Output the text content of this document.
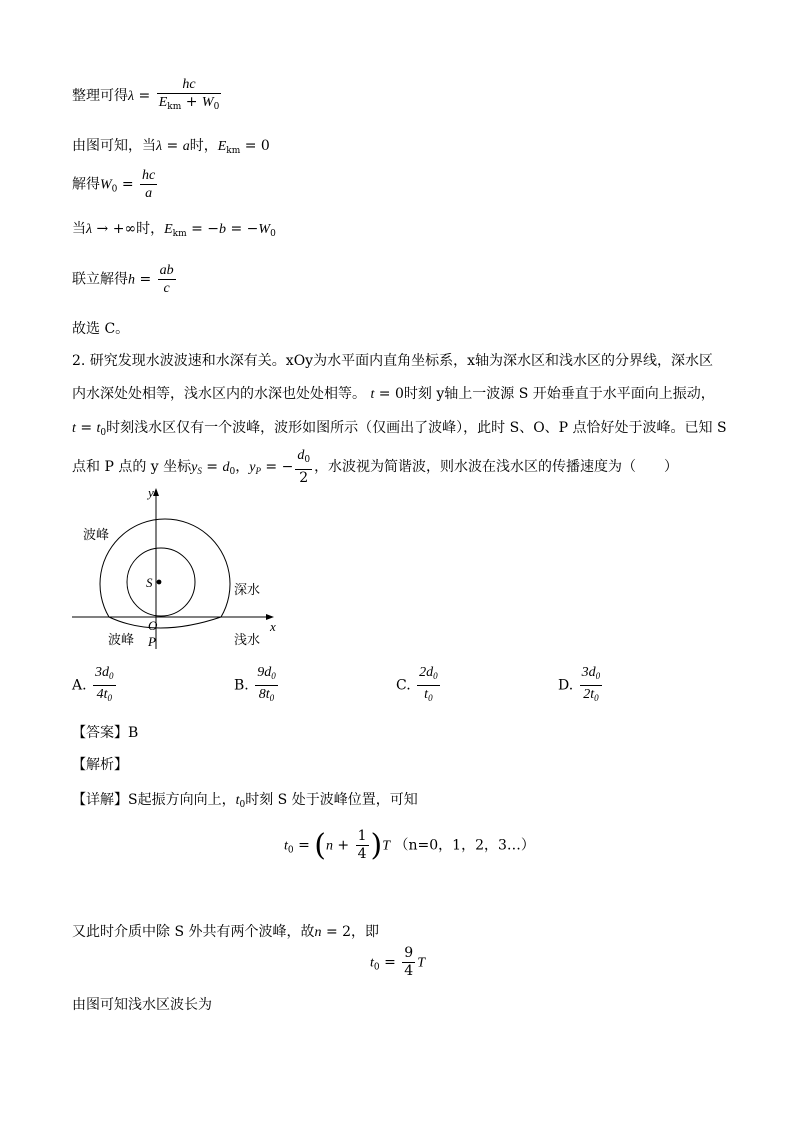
整理可得$\lambda = \frac{hc}{E_{km} + W_0}$
由图可知，当λ = a时，$E_{km} = 0$
解得$W_0 = \frac{hc}{a}$
当λ → +∞时，$E_{km} = -b = -W_0$
联立解得$h = \frac{ab}{c}$
故选 C。
2. 研究发现水波波速和水深有关。xOy为水平面内直角坐标系，x轴为深水区和浅水区的分界线，深水区
内水深处处相等，浅水区内的水深也处处相等。 t = 0时刻 y轴上一波源 S 开始垂直于水平面向上振动，
$t = t_0$时刻浅水区仅有一个波峰，波形如图所示（仅画出了波峰），此时 S、O、P 点恰好处于波峰。已知 S
点和 P 点的 y 坐标$y_S = d_0$，$y_P$ = − $\frac{d_0}{2}$ ，水波视为简谐波，则水波在浅水区的传播速度为（　　）
y
x
S
O
P
波峰
深水
波峰	浅水
A. $\frac{3d_0}{4t_0}$	B. $\frac{9d_0}{8t_0}$	C. $\frac{2d_0}{t_0}$	D. $\frac{3d_0}{2t_0}$
【答案】B
【解析】
【详解】S起振方向向上，$t_0$时刻 S 处于波峰位置，可知
$t_0 = (n + \frac{1}{4} )T$ （n=0，1，2，3…）
又此时介质中除 S 外共有两个波峰，故n = 2，即
$t_0 = \frac{9}{4}$ T
由图可知浅水区波长为
